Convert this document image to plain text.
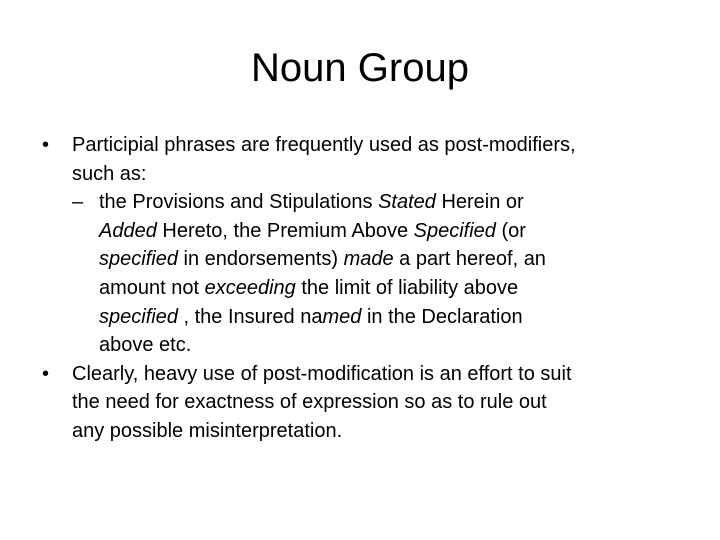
Noun Group
• Participial phrases are frequently used as post-modifiers,
such as:
– the Provisions and Stipulations Stated Herein or
Added Hereto, the Premium Above Specified (or
specified in endorsements) made a part hereof, an
amount not exceeding the limit of liability above
specified , the Insured named in the Declaration
above etc.
• Clearly, heavy use of post-modification is an effort to suit
the need for exactness of expression so as to rule out
any possible misinterpretation.
